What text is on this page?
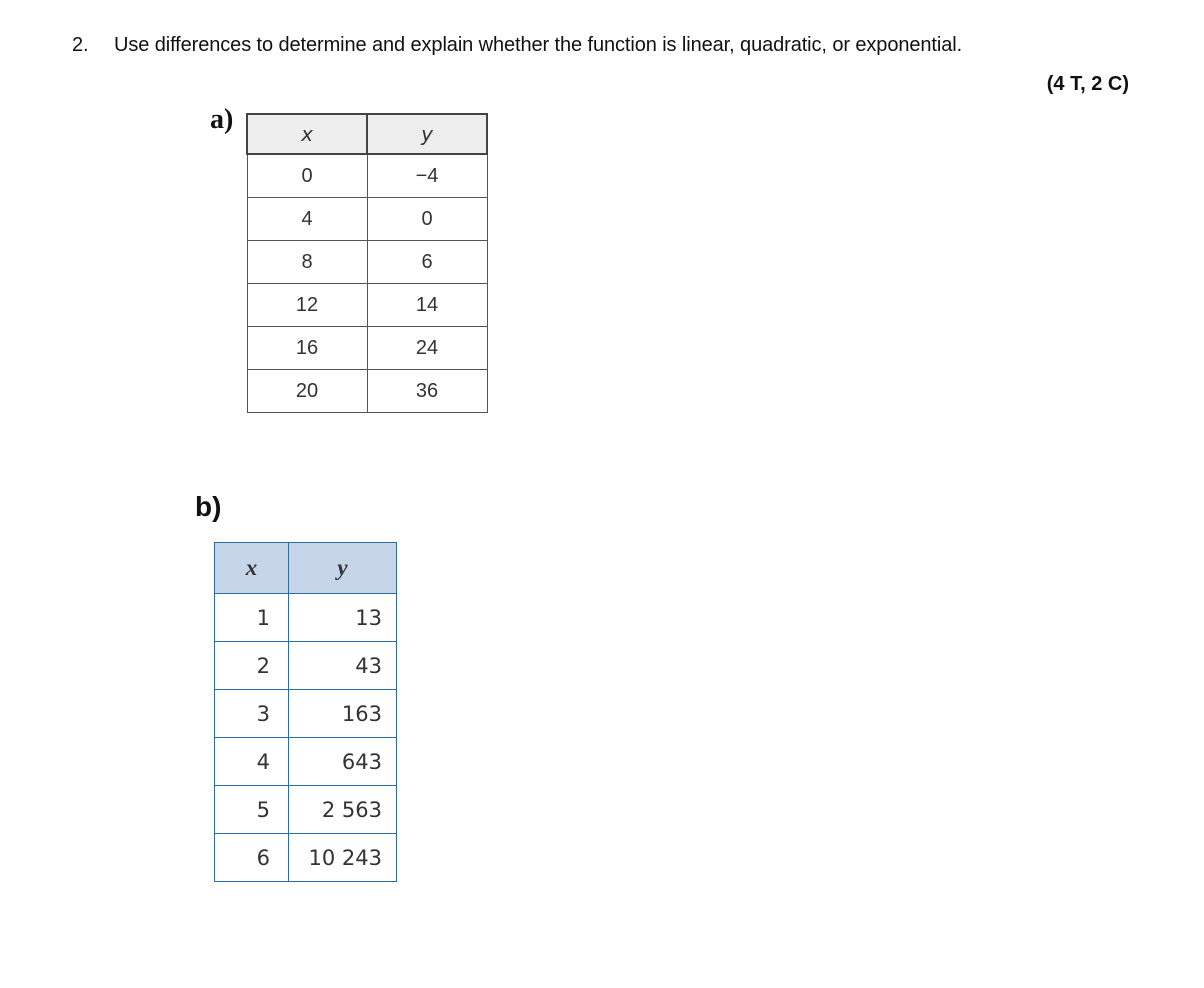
2. Use differences to determine and explain whether the function is linear, quadratic, or exponential.
(4 T, 2 C)
a)	x	y
0	−4
4	0
8	6
12	14
16	24
20	36
b)
x	y
1	13
2	43
3	163
4	643
5	2 563
6	10 243
